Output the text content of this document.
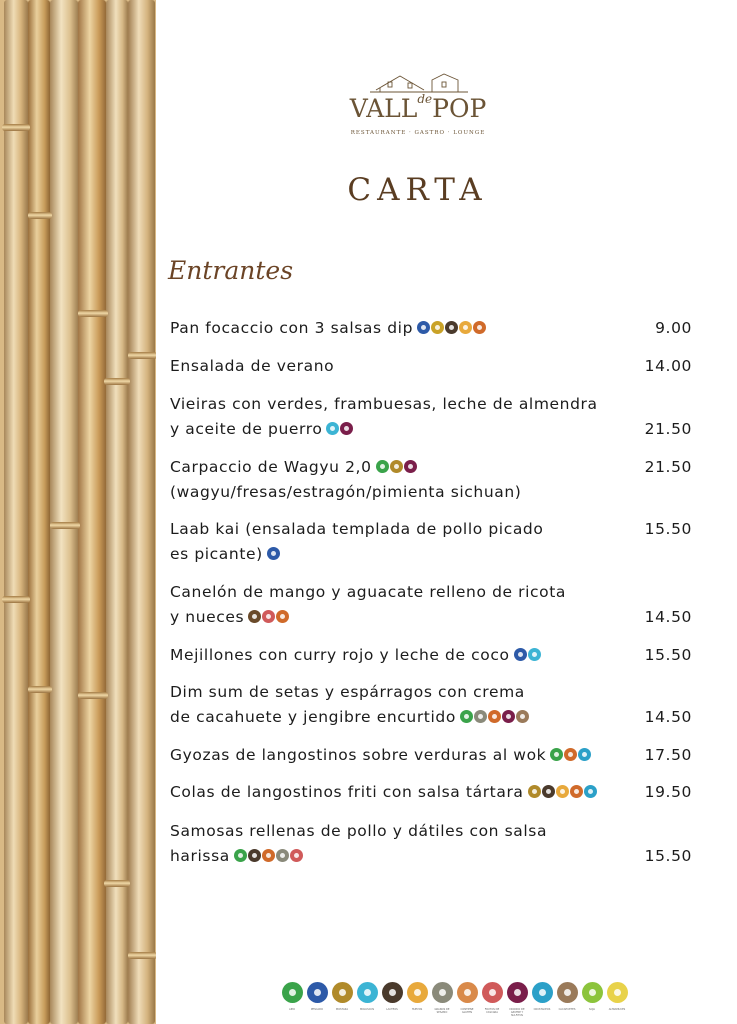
$VALL^{de}POP$
RESTAURANTE · GASTRO · LOUNGE
CARTA
Entrantes
Pan focaccio con 3 salsas dip	9.00
Ensalada de verano	14.00
Vieiras con verdes, frambuesas, leche de almendra
y aceite de puerro	21.50
Carpaccio de Wagyu 2,0
(wagyu/fresas/estragón/pimienta sichuan)
21.50
Laab kai (ensalada templada de pollo picado
es picante)
15.50
Canelón de mango y aguacate relleno de ricota
y nueces	14.50
Mejillones con curry rojo y leche de coco	15.50
Dim sum de setas y espárragos con crema
de cacahuete y jengibre encurtido	14.50
Gyozas de langostinos sobre verduras al wok	17.50
Colas de langostinos friti con salsa tártara	19.50
Samosas rellenas de pollo y dátiles con salsa
harissa	15.50
APIO	PESCADO	MOSTAZA	MOLUSCOS	LACTEOS	HUEVOS	GRANOS DE SESAMO
CONTIENE GLUTEN
FRUTOS DE CASCARA
DIOXIDO DE AZUFRE Y SULFITOS
CRUSTACEOS	CACAHUETES	SOJA	ALTRAMUCES
